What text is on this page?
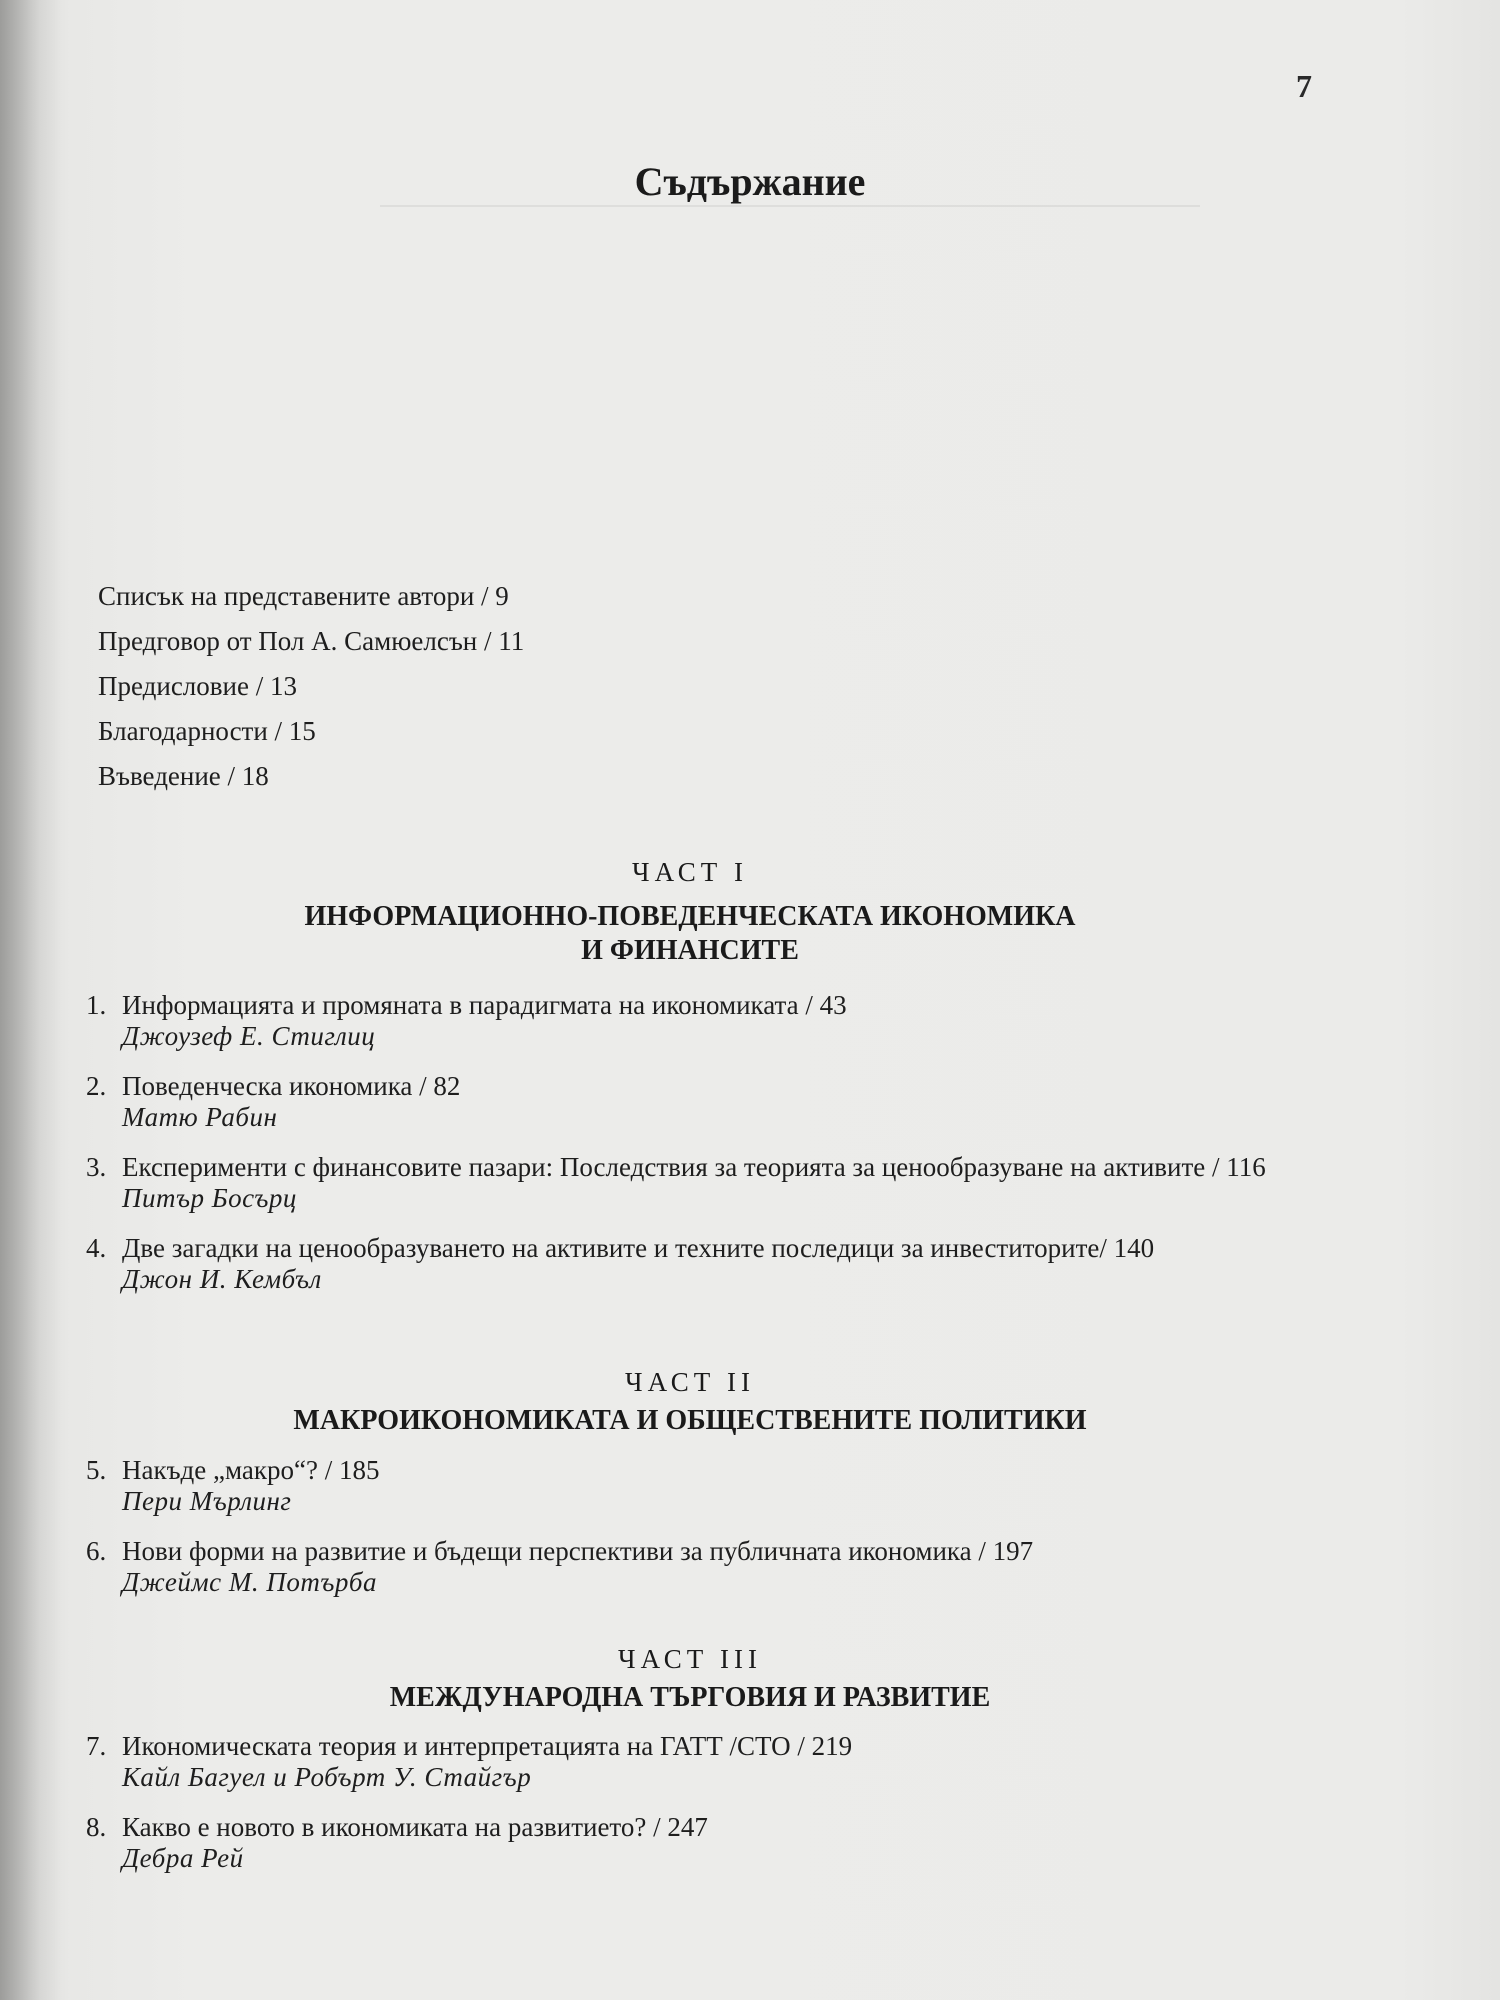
7
Съдържание
Списък на представените автори / 9
Предговор от Пол А. Самюелсън / 11
Предисловие / 13
Благодарности / 15
Въведение / 18
ЧАСТ I
ИНФОРМАЦИОННО-ПОВЕДЕНЧЕСКАТА ИКОНОМИКА
И ФИНАНСИТЕ
1. Информацията и промяната в парадигмата на икономиката / 43
Джоузеф Е. Стиглиц
2. Поведенческа икономика / 82
Матю Рабин
3. Експерименти с финансовите пазари: Последствия за теорията за ценообразуване на активите / 116
Питър Босърц
4. Две загадки на ценообразуването на активите и техните последици за инвеститорите/ 140
Джон И. Кембъл
ЧАСТ II
МАКРОИКОНОМИКАТА И ОБЩЕСТВЕНИТЕ ПОЛИТИКИ
5. Накъде „макро“? / 185
Пери Мърлинг
6. Нови форми на развитие и бъдещи перспективи за публичната икономика / 197
Джеймс М. Потърба
ЧАСТ III
МЕЖДУНАРОДНА ТЪРГОВИЯ И РАЗВИТИЕ
7. Икономическата теория и интерпретацията на ГАТТ /СТО / 219
Кайл Багуел и Робърт У. Стайгър
8. Какво е новото в икономиката на развитието? / 247
Дебра Рей
